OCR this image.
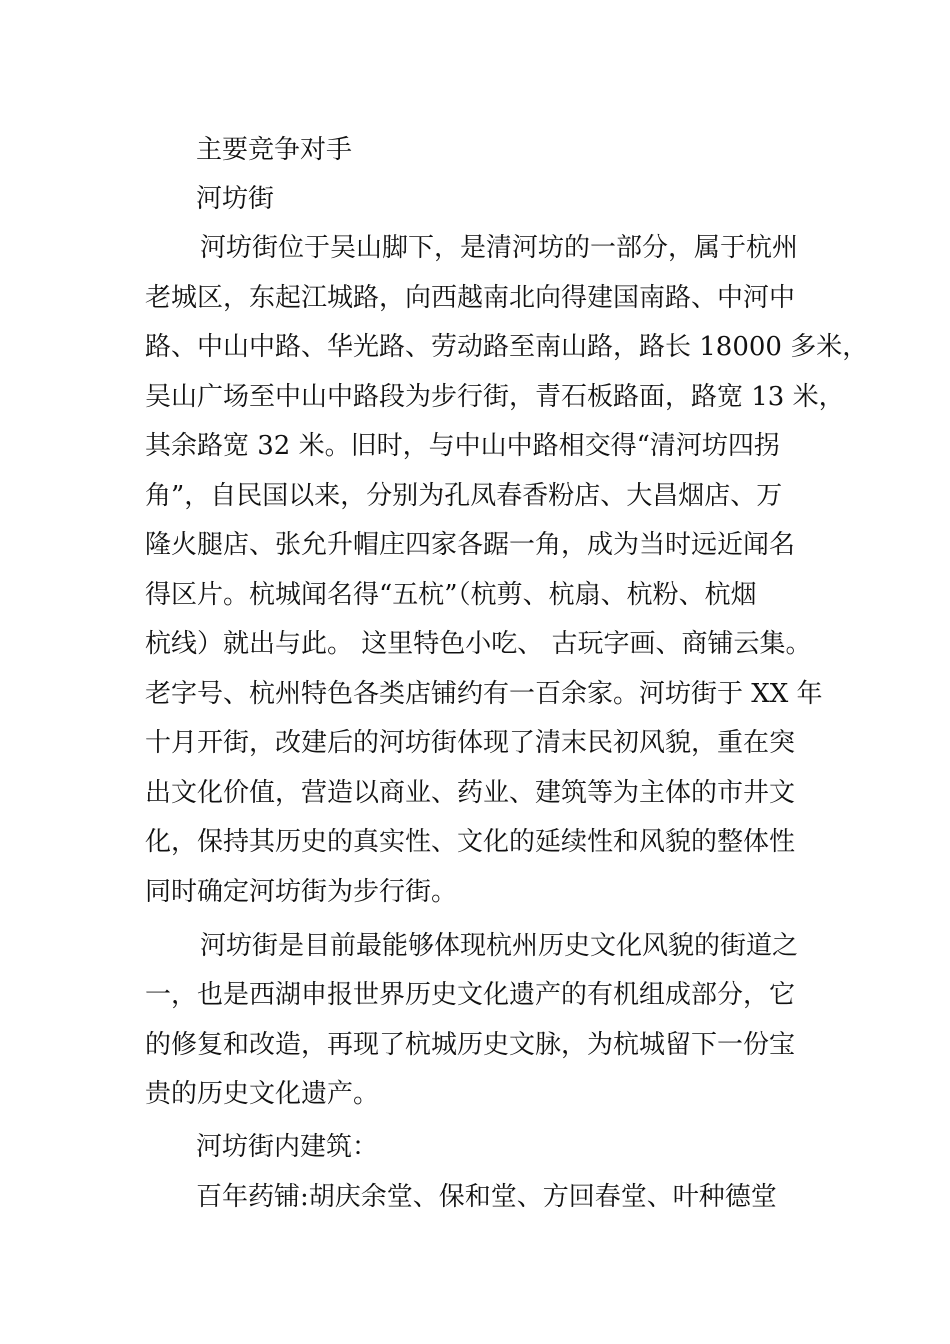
主要竞争对手
河坊街
河坊街位于吴山脚下，是清河坊的一部分，属于杭州
老城区，东起江城路，向西越南北向得建国南路、中河中
路、中山中路、华光路、劳动路至南山路，路长 18000 多米，
吴山广场至中山中路段为步行街，青石板路面，路宽 13 米，
其余路宽 32 米。旧时，与中山中路相交得“清河坊四拐
角”，自民国以来，分别为孔凤春香粉店、大昌烟店、万
隆火腿店、张允升帽庄四家各踞一角，成为当时远近闻名
得区片。杭城闻名得“五杭”（杭剪、杭扇、杭粉、杭烟
杭线）就出与此。 这里特色小吃、 古玩字画、商铺云集。
老字号、杭州特色各类店铺约有一百余家。河坊街于 XX 年
十月开街，改建后的河坊街体现了清末民初风貌，重在突
出文化价值，营造以商业、药业、建筑等为主体的市井文
化，保持其历史的真实性、文化的延续性和风貌的整体性
同时确定河坊街为步行街。
河坊街是目前最能够体现杭州历史文化风貌的街道之
一，也是西湖申报世界历史文化遗产的有机组成部分，它
的修复和改造，再现了杭城历史文脉，为杭城留下一份宝
贵的历史文化遗产。
河坊街内建筑：
百年药铺:胡庆余堂、保和堂、方回春堂、叶种德堂
